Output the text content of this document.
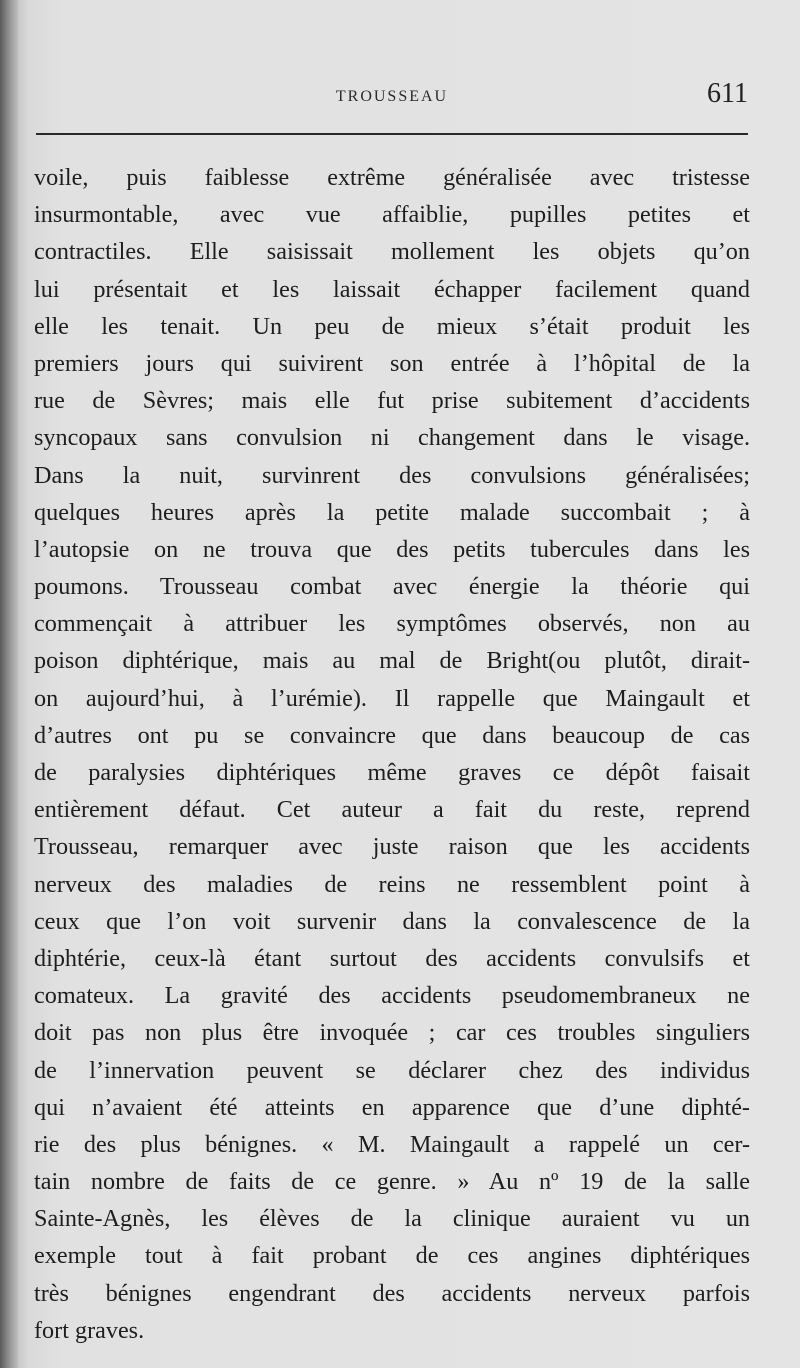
TROUSSEAU	611
voile, puis faiblesse extrême généralisée avec tristesse
insurmontable, avec vue affaiblie, pupilles petites et
contractiles. Elle saisissait mollement les objets qu’on
lui présentait et les laissait échapper facilement quand
elle les tenait. Un peu de mieux s’était produit les
premiers jours qui suivirent son entrée à l’hôpital de la
rue de Sèvres; mais elle fut prise subitement d’accidents
syncopaux sans convulsion ni changement dans le visage.
Dans la nuit, survinrent des convulsions généralisées;
quelques heures après la petite malade succombait ; à
l’autopsie on ne trouva que des petits tubercules dans les
poumons. Trousseau combat avec énergie la théorie qui
commençait à attribuer les symptômes observés, non au
poison diphtérique, mais au mal de Bright(ou plutôt, dirait-
on aujourd’hui, à l’urémie). Il rappelle que Maingault et
d’autres ont pu se convaincre que dans beaucoup de cas
de paralysies diphtériques même graves ce dépôt faisait
entièrement défaut. Cet auteur a fait du reste, reprend
Trousseau, remarquer avec juste raison que les accidents
nerveux des maladies de reins ne ressemblent point à
ceux que l’on voit survenir dans la convalescence de la
diphtérie, ceux-là étant surtout des accidents convulsifs et
comateux. La gravité des accidents pseudomembraneux ne
doit pas non plus être invoquée ; car ces troubles singuliers
de l’innervation peuvent se déclarer chez des individus
qui n’avaient été atteints en apparence que d’une diphté-
rie des plus bénignes. « M. Maingault a rappelé un cer-
tain nombre de faits de ce genre. » Au nº 19 de la salle
Sainte-Agnès, les élèves de la clinique auraient vu un
exemple tout à fait probant de ces angines diphtériques
très bénignes engendrant des accidents nerveux parfois
fort graves.
